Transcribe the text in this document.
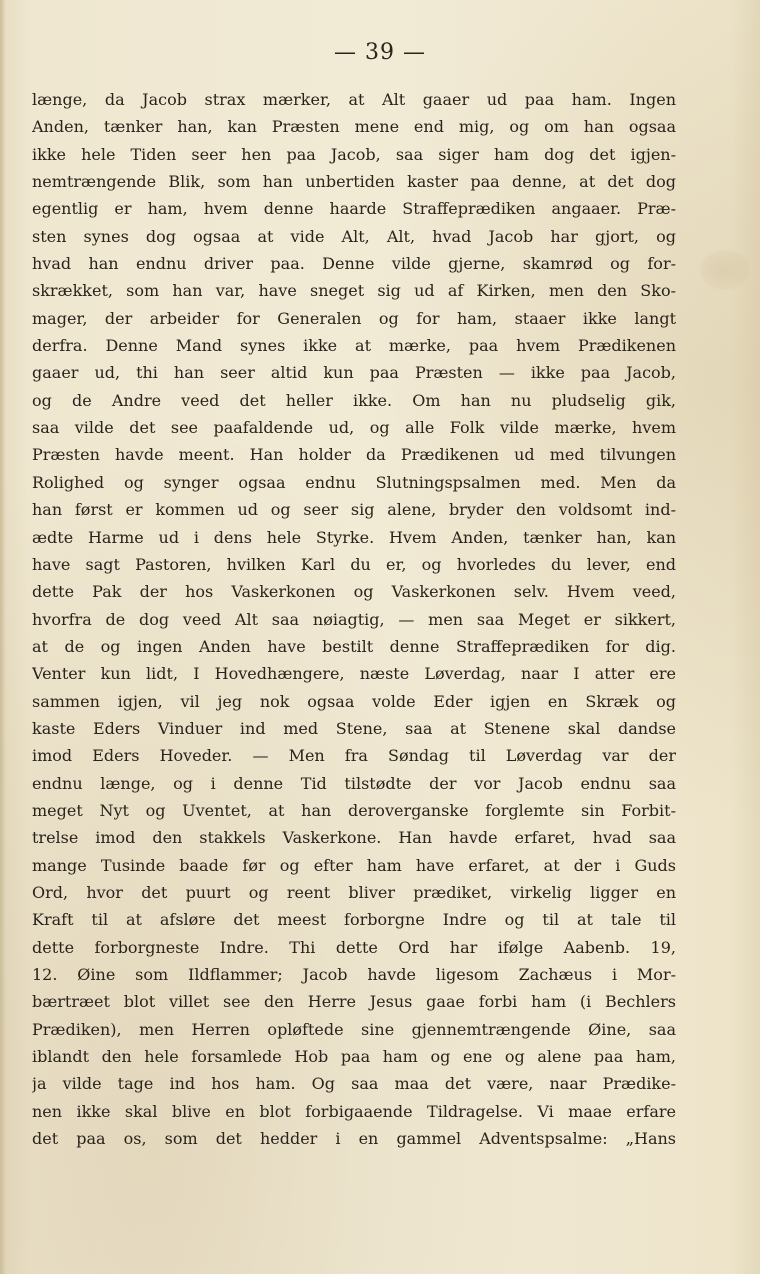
— 39 —
længe, da Jacob strax mærker, at Alt gaaer ud paa ham. Ingen
Anden, tænker han, kan Præsten mene end mig, og om han ogsaa
ikke hele Tiden seer hen paa Jacob, saa siger ham dog det igjen-
nemtrængende Blik, som han unbertiden kaster paa denne, at det dog
egentlig er ham, hvem denne haarde Straffeprædiken angaaer. Præ-
sten synes dog ogsaa at vide Alt, Alt, hvad Jacob har gjort, og
hvad han endnu driver paa. Denne vilde gjerne, skamrød og for-
skrækket, som han var, have sneget sig ud af Kirken, men den Sko-
mager, der arbeider for Generalen og for ham, staaer ikke langt
derfra. Denne Mand synes ikke at mærke, paa hvem Prædikenen
gaaer ud, thi han seer altid kun paa Præsten — ikke paa Jacob,
og de Andre veed det heller ikke. Om han nu pludselig gik,
saa vilde det see paafaldende ud, og alle Folk vilde mærke, hvem
Præsten havde meent. Han holder da Prædikenen ud med tilvungen
Rolighed og synger ogsaa endnu Slutningspsalmen med. Men da
han først er kommen ud og seer sig alene, bryder den voldsomt ind-
ædte Harme ud i dens hele Styrke. Hvem Anden, tænker han, kan
have sagt Pastoren, hvilken Karl du er, og hvorledes du lever, end
dette Pak der hos Vaskerkonen og Vaskerkonen selv. Hvem veed,
hvorfra de dog veed Alt saa nøiagtig, — men saa Meget er sikkert,
at de og ingen Anden have bestilt denne Straffeprædiken for dig.
Venter kun lidt, I Hovedhængere, næste Løverdag, naar I atter ere
sammen igjen, vil jeg nok ogsaa volde Eder igjen en Skræk og
kaste Eders Vinduer ind med Stene, saa at Stenene skal dandse
imod Eders Hoveder. — Men fra Søndag til Løverdag var der
endnu længe, og i denne Tid tilstødte der vor Jacob endnu saa
meget Nyt og Uventet, at han deroverganske forglemte sin Forbit-
trelse imod den stakkels Vaskerkone. Han havde erfaret, hvad saa
mange Tusinde baade før og efter ham have erfaret, at der i Guds
Ord, hvor det puurt og reent bliver prædiket, virkelig ligger en
Kraft til at afsløre det meest forborgne Indre og til at tale til
dette forborgneste Indre. Thi dette Ord har ifølge Aabenb. 19,
12. Øine som Ildflammer; Jacob havde ligesom Zachæus i Mor-
bærtræet blot villet see den Herre Jesus gaae forbi ham (i Bechlers
Prædiken), men Herren opløftede sine gjennemtrængende Øine, saa
iblandt den hele forsamlede Hob paa ham og ene og alene paa ham,
ja vilde tage ind hos ham. Og saa maa det være, naar Prædike-
nen ikke skal blive en blot forbigaaende Tildragelse. Vi maae erfare
det paa os, som det hedder i en gammel Adventspsalme: „Hans
